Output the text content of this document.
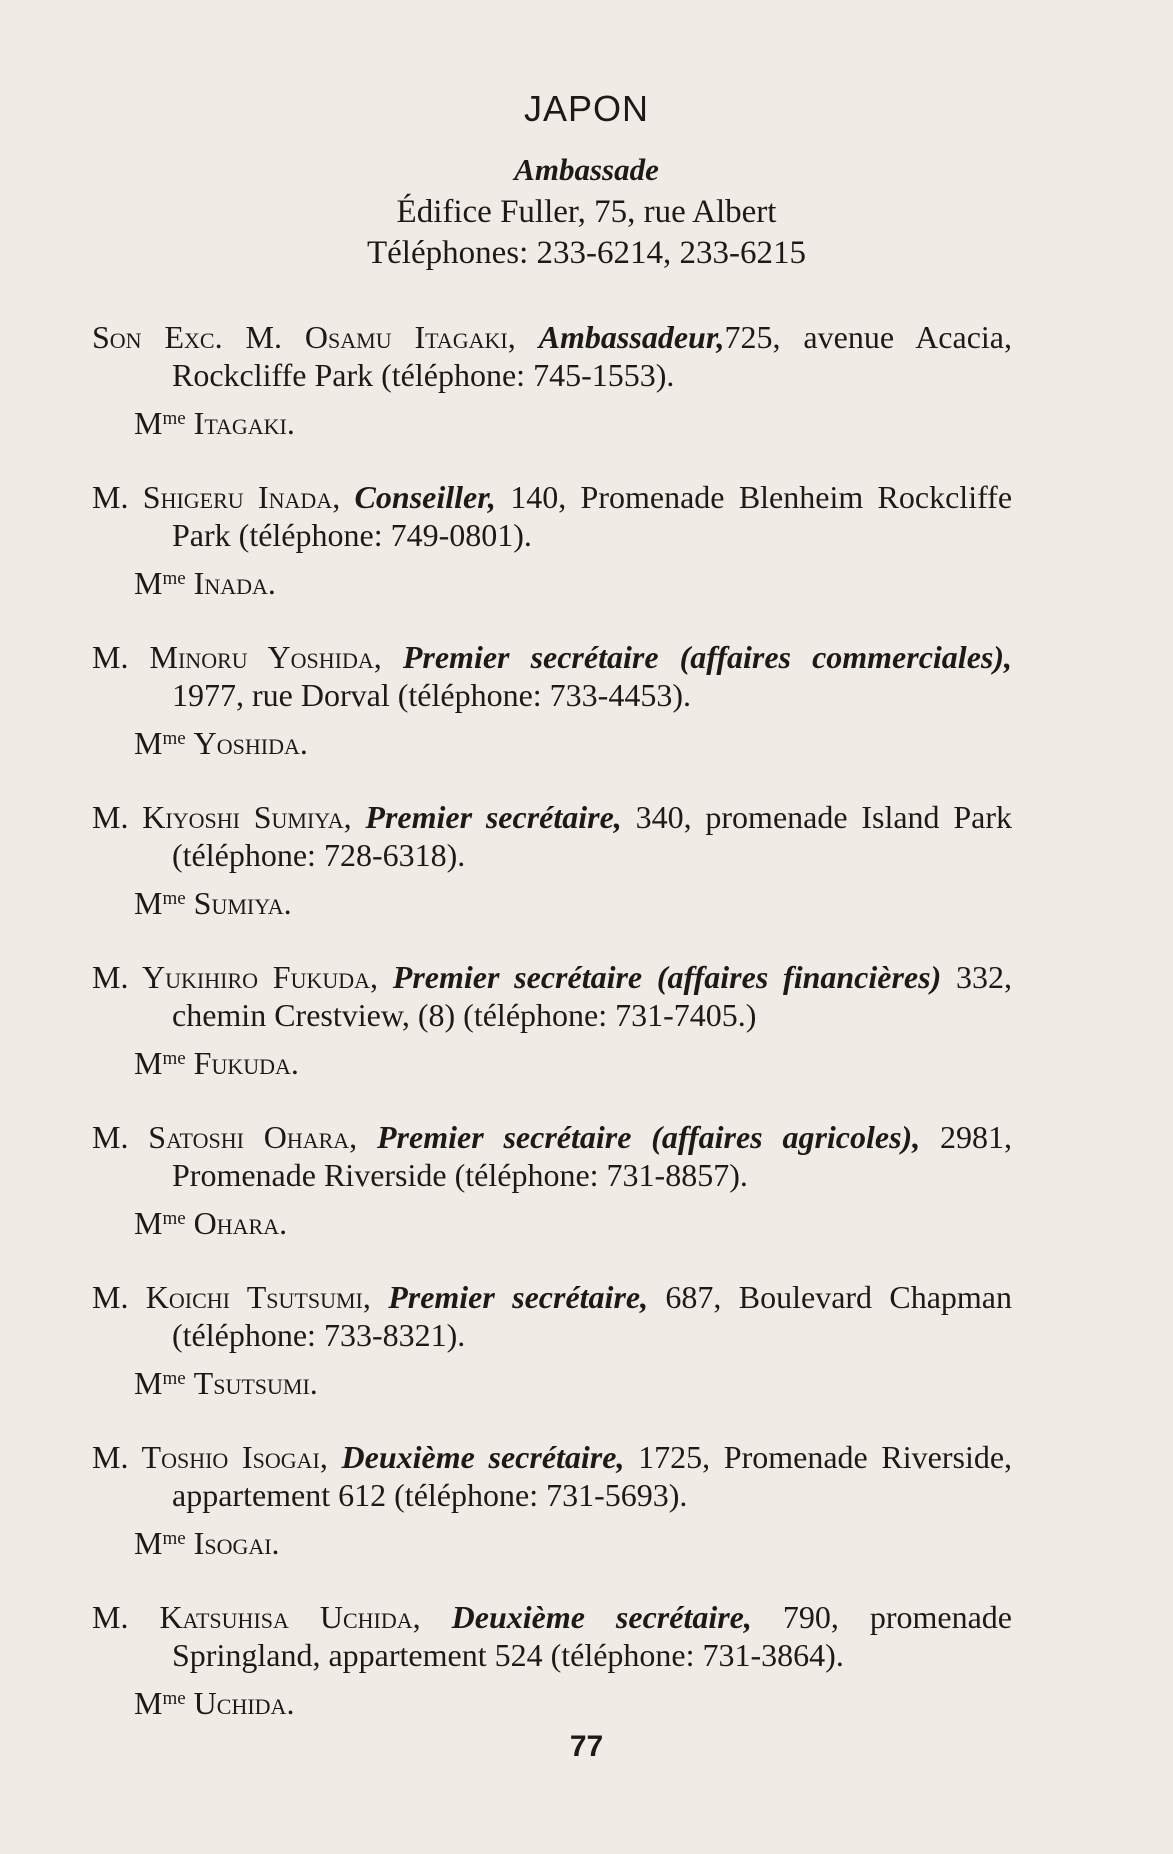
JAPON
Ambassade
Édifice Fuller, 75, rue Albert
Téléphones: 233-6214, 233-6215
Son Exc. M. Osamu Itagaki, Ambassadeur,725, avenue Acacia, Rockcliffe Park (téléphone: 745-1553).
$M^{me}$ Itagaki.
M. Shigeru Inada, Conseiller, 140, Promenade Blenheim Rockcliffe Park (téléphone: 749-0801).
$M^{me}$ Inada.
M. Minoru Yoshida, Premier secrétaire (affaires commerciales), 1977, rue Dorval (téléphone: 733-4453).
$M^{me}$ Yoshida.
M. Kiyoshi Sumiya, Premier secrétaire, 340, promenade Island Park (téléphone: 728-6318).
$M^{me}$ Sumiya.
M. Yukihiro Fukuda, Premier secrétaire (affaires financières) 332, chemin Crestview, (8) (téléphone: 731-7405.)
$M^{me}$ Fukuda.
M. Satoshi Ohara, Premier secrétaire (affaires agricoles), 2981, Promenade Riverside (téléphone: 731-8857).
$M^{me}$ Ohara.
M. Koichi Tsutsumi, Premier secrétaire, 687, Boulevard Chapman (téléphone: 733-8321).
$M^{me}$ Tsutsumi.
M. Toshio Isogai, Deuxième secrétaire, 1725, Promenade Riverside, appartement 612 (téléphone: 731-5693).
$M^{me}$ Isogai.
M. Katsuhisa Uchida, Deuxième secrétaire, 790, promenade Springland, appartement 524 (téléphone: 731-3864).
$M^{me}$ Uchida.
77
